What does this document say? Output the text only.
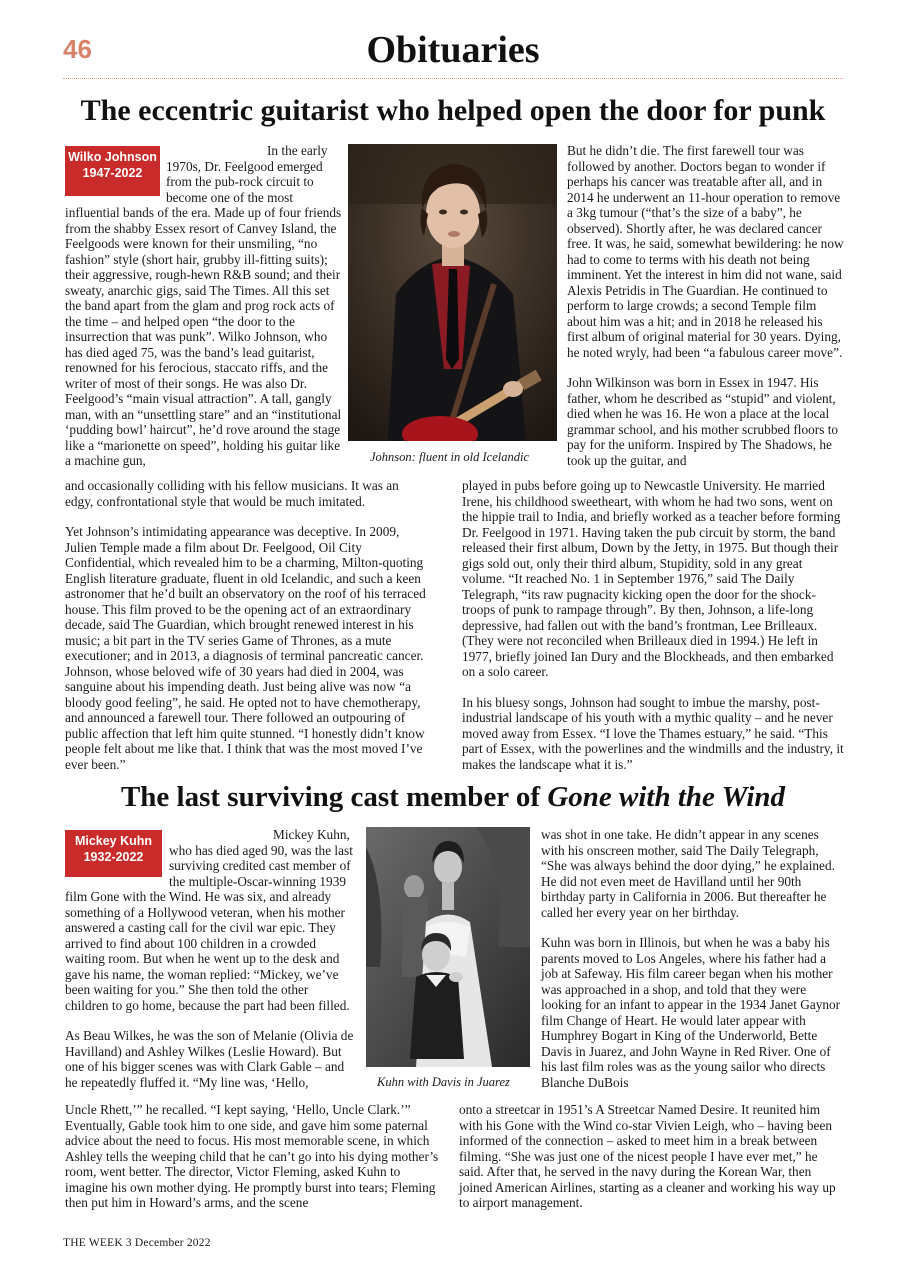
46	Obituaries
The eccentric guitarist who helped open the door for punk
Wilko Johnson
1947-2022
Johnson: fluent in old Icelandic

In the early 1970s, Dr. Feelgood emerged from the pub-rock circuit to become one of the most influential bands of the era. Made up of four friends from the shabby Essex resort of Canvey Island, the Feelgoods were known for their unsmiling, “no fashion” style (short hair, grubby ill-fitting suits); their aggressive, rough-hewn R&B sound; and their sweaty, anarchic gigs, said The Times. All this set the band apart from the glam and prog rock acts of the time – and helped open “the door to the insurrection that was punk”. Wilko Johnson, who has died aged 75, was the band’s lead guitarist, renowned for his ferocious, staccato riffs, and the writer of most of their songs. He was also Dr. Feelgood’s “main visual attraction”. A tall, gangly man, with an “unsettling stare” and an “institutional ‘pudding bowl’ haircut”, he’d rove around the stage like a “marionette on speed”, holding his guitar like a machine gun,

and occasionally colliding with his fellow musicians. It was an edgy, confrontational style that would be much imitated.

Yet Johnson’s intimidating appearance was deceptive. In 2009, Julien Temple made a film about Dr. Feelgood, Oil City Confidential, which revealed him to be a charming, Milton-quoting English literature graduate, fluent in old Icelandic, and such a keen astronomer that he’d built an observatory on the roof of his terraced house. This film proved to be the opening act of an extraordinary decade, said The Guardian, which brought renewed interest in his music; a bit part in the TV series Game of Thrones, as a mute executioner; and in 2013, a diagnosis of terminal pancreatic cancer. Johnson, whose beloved wife of 30 years had died in 2004, was sanguine about his impending death. Just being alive was now “a bloody good feeling”, he said. He opted not to have chemotherapy, and announced a farewell tour. There followed an outpouring of public affection that left him quite stunned. “I honestly didn’t know people felt about me like that. I think that was the most moved I’ve ever been.”

But he didn’t die. The first farewell tour was followed by another. Doctors began to wonder if perhaps his cancer was treatable after all, and in 2014 he underwent an 11-hour operation to remove a 3kg tumour (“that’s the size of a baby”, he observed). Shortly after, he was declared cancer free. It was, he said, somewhat bewildering: he now had to come to terms with his death not being imminent. Yet the interest in him did not wane, said Alexis Petridis in The Guardian. He continued to perform to large crowds; a second Temple film about him was a hit; and in 2018 he released his first album of original material for 30 years. Dying, he noted wryly, had been “a fabulous career move”.

John Wilkinson was born in Essex in 1947. His father, whom he described as “stupid” and violent, died when he was 16. He won a place at the local grammar school, and his mother scrubbed floors to pay for the uniform. Inspired by The Shadows, he took up the guitar, and

played in pubs before going up to Newcastle University. He married Irene, his childhood sweetheart, with whom he had two sons, went on the hippie trail to India, and briefly worked as a teacher before forming Dr. Feelgood in 1971. Having taken the pub circuit by storm, the band released their first album, Down by the Jetty, in 1975. But though their gigs sold out, only their third album, Stupidity, sold in any great volume. “It reached No. 1 in September 1976,” said The Daily Telegraph, “its raw pugnacity kicking open the door for the shock-troops of punk to rampage through”. By then, Johnson, a life-long depressive, had fallen out with the band’s frontman, Lee Brilleaux. (They were not reconciled when Brilleaux died in 1994.) He left in 1977, briefly joined Ian Dury and the Blockheads, and then embarked on a solo career.

In his bluesy songs, Johnson had sought to imbue the marshy, post-industrial landscape of his youth with a mythic quality – and he never moved away from Essex. “I love the Thames estuary,” he said. “This part of Essex, with the powerlines and the windmills and the industry, it makes the landscape what it is.”

The last surviving cast member of Gone with the Wind
Mickey Kuhn
1932-2022
Kuhn with Davis in Juarez

Mickey Kuhn, who has died aged 90, was the last surviving credited cast member of the multiple-Oscar-winning 1939 film Gone with the Wind. He was six, and already something of a Hollywood veteran, when his mother answered a casting call for the civil war epic. They arrived to find about 100 children in a crowded waiting room. But when he went up to the desk and gave his name, the woman replied: “Mickey, we’ve been waiting for you.” She then told the other children to go home, because the part had been filled.

As Beau Wilkes, he was the son of Melanie (Olivia de Havilland) and Ashley Wilkes (Leslie Howard). But one of his bigger scenes was with Clark Gable – and he repeatedly fluffed it. “My line was, ‘Hello,

Uncle Rhett,’” he recalled. “I kept saying, ‘Hello, Uncle Clark.’” Eventually, Gable took him to one side, and gave him some paternal advice about the need to focus. His most memorable scene, in which Ashley tells the weeping child that he can’t go into his dying mother’s room, went better. The director, Victor Fleming, asked Kuhn to imagine his own mother dying. He promptly burst into tears; Fleming then put him in Howard’s arms, and the scene

was shot in one take. He didn’t appear in any scenes with his onscreen mother, said The Daily Telegraph, “She was always behind the door dying,” he explained. He did not even meet de Havilland until her 90th birthday party in California in 2006. But thereafter he called her every year on her birthday.

Kuhn was born in Illinois, but when he was a baby his parents moved to Los Angeles, where his father had a job at Safeway. His film career began when his mother was approached in a shop, and told that they were looking for an infant to appear in the 1934 Janet Gaynor film Change of Heart. He would later appear with Humphrey Bogart in King of the Underworld, Bette Davis in Juarez, and John Wayne in Red River. One of his last film roles was as the young sailor who directs Blanche DuBois

onto a streetcar in 1951’s A Streetcar Named Desire. It reunited him with his Gone with the Wind co-star Vivien Leigh, who – having been informed of the connection – asked to meet him in a break between filming. “She was just one of the nicest people I have ever met,” he said. After that, he served in the navy during the Korean War, then joined American Airlines, starting as a cleaner and working his way up to airport management.

THE WEEK 3 December 2022
